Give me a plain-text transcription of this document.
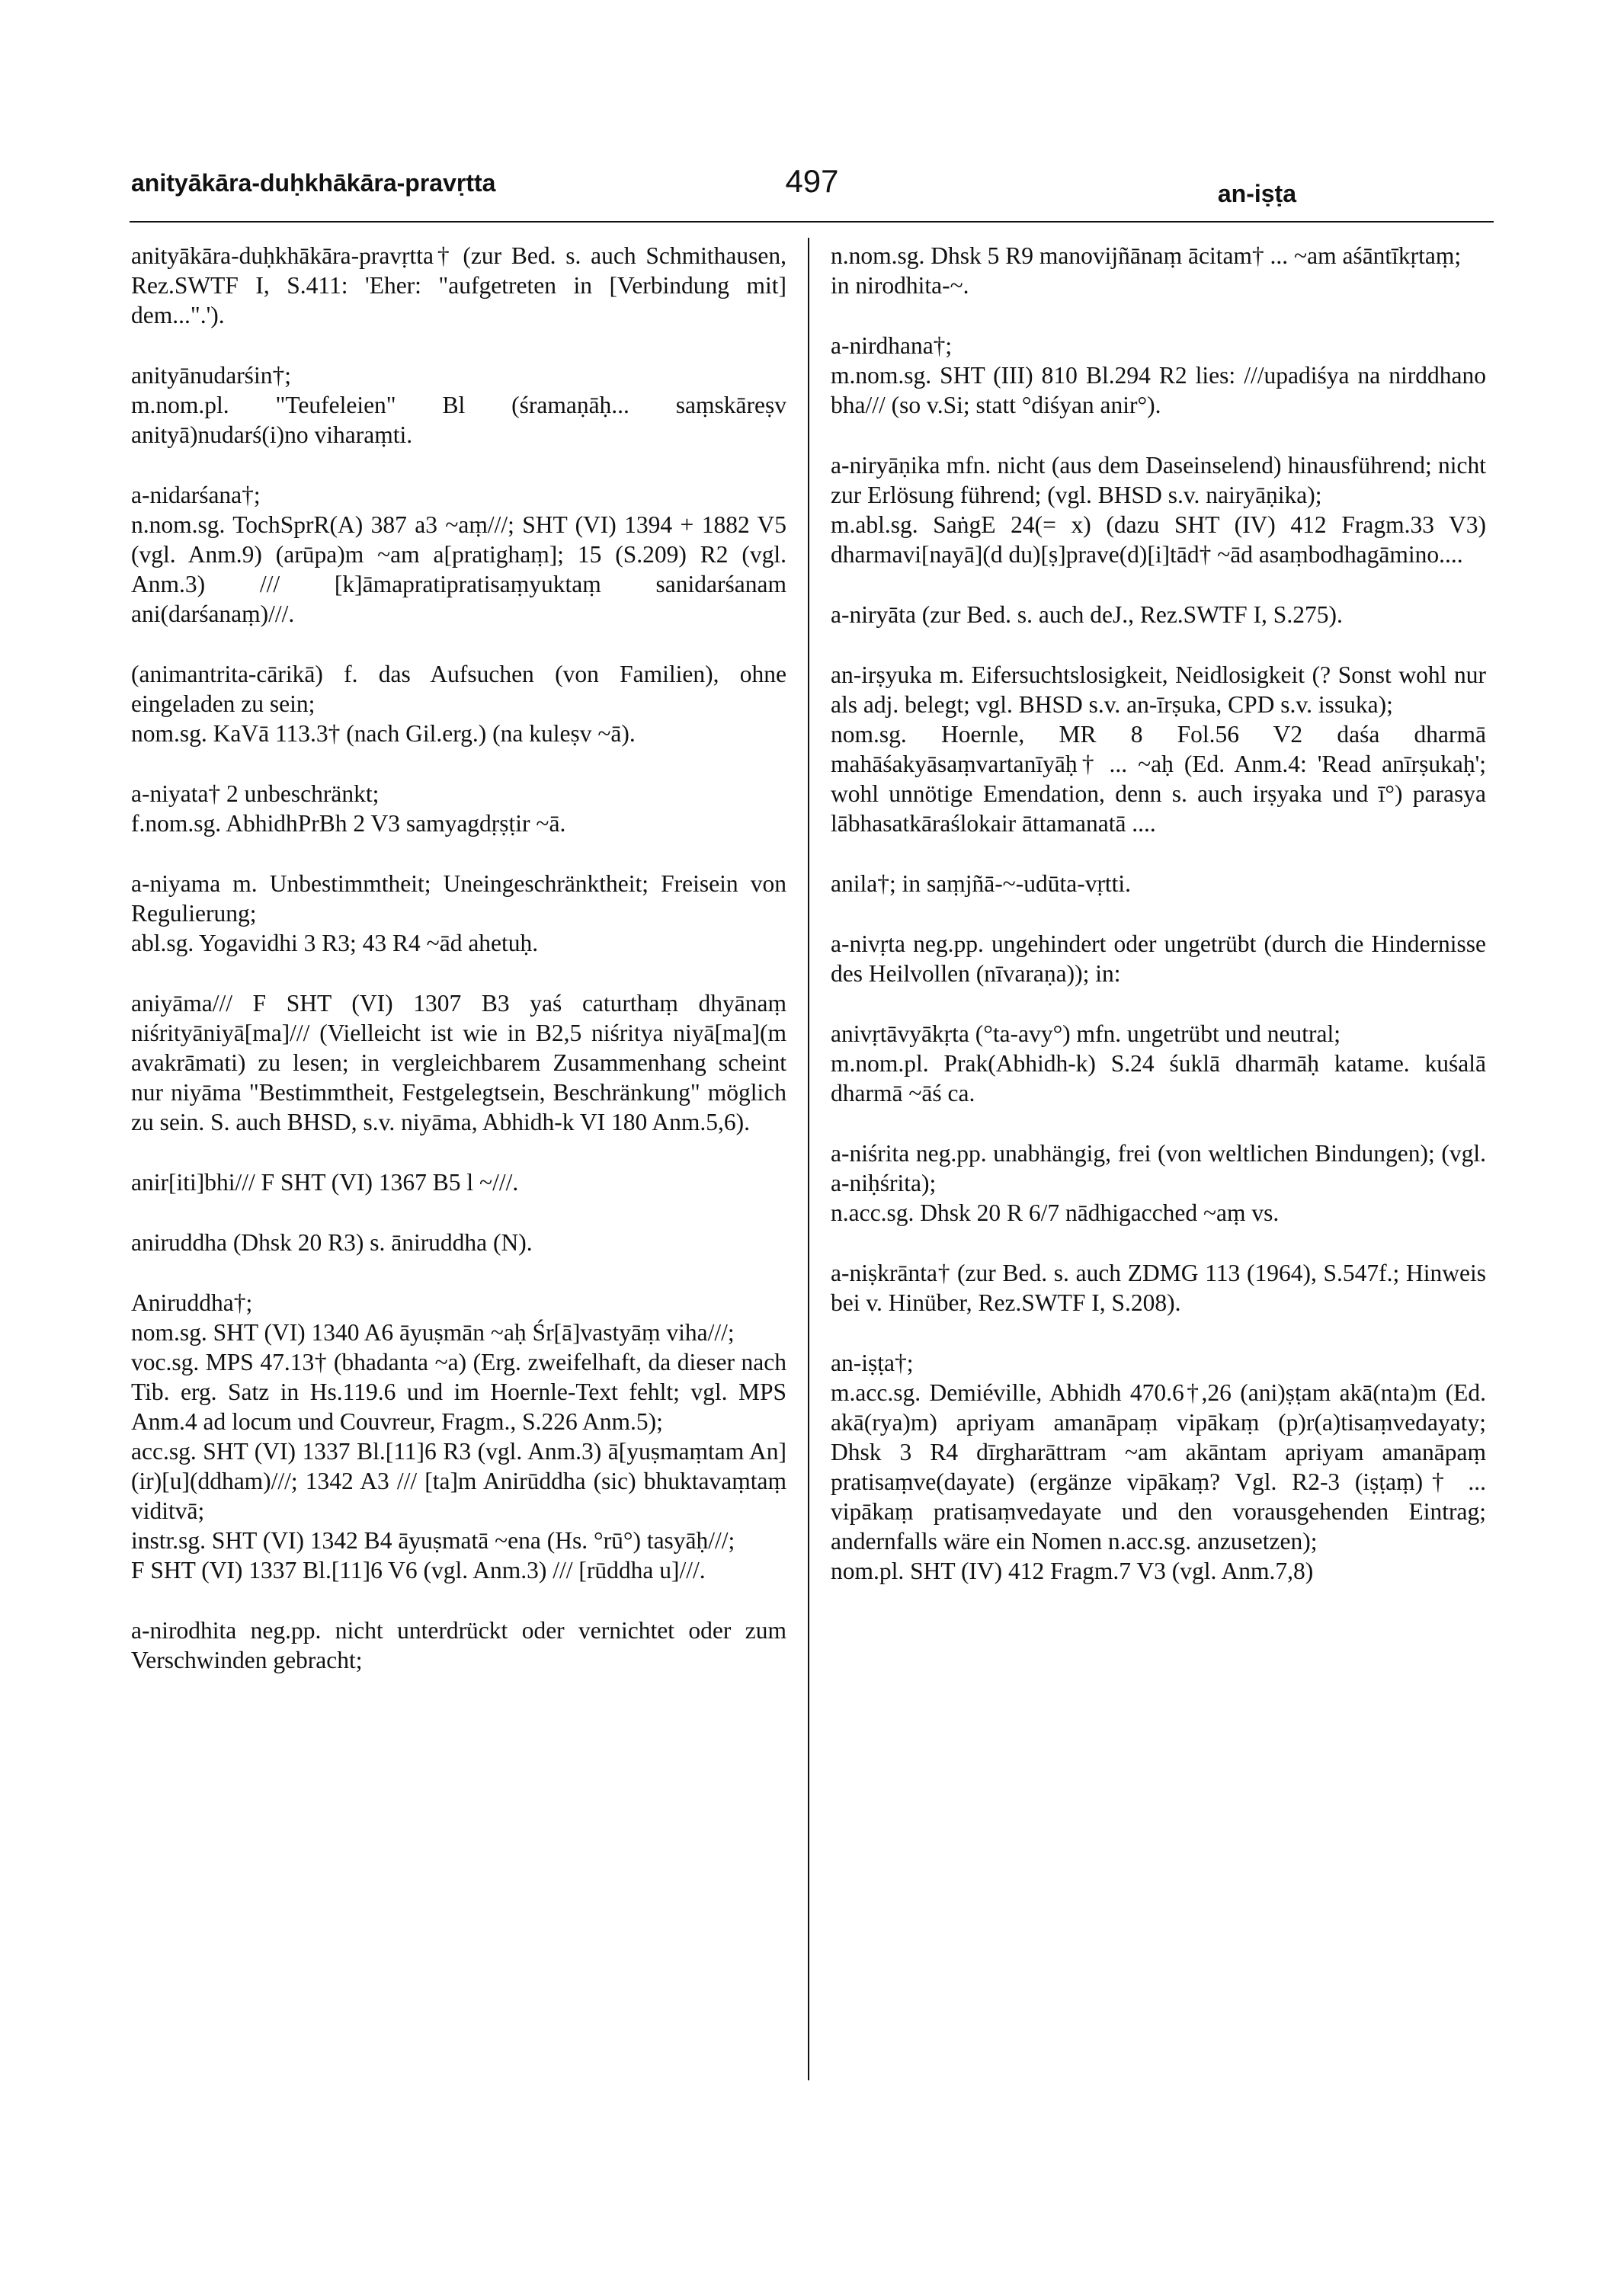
anityākāra-duḥkhākāra-pravṛtta	497	an-iṣṭa

anityākāra-duḥkhākāra-pravṛtta† (zur Bed. s. auch Schmithausen, Rez.SWTF I, S.411: 'Eher: "aufgetreten in [Verbindung mit] dem...".').

anityānudarśin†;

m.nom.pl. "Teufeleien" Bl (śramaṇāḥ... saṃskāreṣv anityā)nudarś(i)no viharaṃti.

a-nidarśana†;

n.nom.sg. TochSprR(A) 387 a3 ~aṃ///; SHT (VI) 1394 + 1882 V5 (vgl. Anm.9) (arūpa)m ~am a[pratighaṃ]; 15 (S.209) R2 (vgl. Anm.3) /// [k]āmapratipratisaṃyuktaṃ sanidarśanam ani(darśanaṃ)///.

(animantrita-cārikā) f. das Aufsuchen (von Familien), ohne eingeladen zu sein;

nom.sg. KaVā 113.3† (nach Gil.erg.) (na kuleṣv ~ā).

a-niyata† 2 unbeschränkt;

f.nom.sg. AbhidhPrBh 2 V3 samyagdṛṣṭir ~ā.

a-niyama m. Unbestimmtheit; Uneingeschränktheit; Freisein von Regulierung;

abl.sg. Yogavidhi 3 R3; 43 R4 ~ād ahetuḥ.

aniyāma/// F SHT (VI) 1307 B3 yaś caturthaṃ dhyānaṃ niśrityāniyā[ma]/// (Vielleicht ist wie in B2,5 niśritya niyā[ma](m avakrāmati) zu lesen; in vergleichbarem Zusammenhang scheint nur niyāma "Bestimmtheit, Festgelegtsein, Beschränkung" möglich zu sein. S. auch BHSD, s.v. niyāma, Abhidh-k VI 180 Anm.5,6).

anir[iti]bhi/// F SHT (VI) 1367 B5 l ~///.

aniruddha (Dhsk 20 R3) s. āniruddha (N).

Aniruddha†;

nom.sg. SHT (VI) 1340 A6 āyuṣmān ~aḥ Śr[ā]vastyāṃ viha///;

voc.sg. MPS 47.13† (bhadanta ~a) (Erg. zweifelhaft, da dieser nach Tib. erg. Satz in Hs.119.6 und im Hoernle-Text fehlt; vgl. MPS Anm.4 ad locum und Couvreur, Fragm., S.226 Anm.5);

acc.sg. SHT (VI) 1337 Bl.[11]6 R3 (vgl. Anm.3) ā[yuṣmaṃtam An](ir)[u](ddham)///; 1342 A3 /// [ta]m Anirūddha (sic) bhuktavaṃtaṃ viditvā;

instr.sg. SHT (VI) 1342 B4 āyuṣmatā ~ena (Hs. °rū°) tasyāḥ///;

F SHT (VI) 1337 Bl.[11]6 V6 (vgl. Anm.3) /// [rūddha u]///.

a-nirodhita neg.pp. nicht unterdrückt oder vernichtet oder zum Verschwinden gebracht;

n.nom.sg. Dhsk 5 R9 manovijñānaṃ ācitam† ... ~am aśāntīkṛtaṃ;

in nirodhita-~.

a-nirdhana†;

m.nom.sg. SHT (III) 810 Bl.294 R2 lies: ///upadiśya na nirddhano bha/// (so v.Si; statt °diśyan anir°).

a-niryāṇika mfn. nicht (aus dem Daseinselend) hinausführend; nicht zur Erlösung führend; (vgl. BHSD s.v. nairyāṇika);

m.abl.sg. SaṅgE 24(= x) (dazu SHT (IV) 412 Fragm.33 V3) dharmavi[nayā](d du)[ṣ]prave(d)[i]tād† ~ād asaṃbodhagāmino....

a-niryāta (zur Bed. s. auch deJ., Rez.SWTF I, S.275).

an-irṣyuka m. Eifersuchtslosigkeit, Neidlosigkeit (? Sonst wohl nur als adj. belegt; vgl. BHSD s.v. an-īrṣuka, CPD s.v. issuka);

nom.sg. Hoernle, MR 8 Fol.56 V2 daśa dharmā mahāśakyāsaṃvartanīyāḥ† ... ~aḥ (Ed. Anm.4: 'Read anīrṣukaḥ'; wohl unnötige Emendation, denn s. auch irṣyaka und ī°) parasya lābhasatkāraślokair āttamanatā ....

anila†; in saṃjñā-~-udūta-vṛtti.

a-nivṛta neg.pp. ungehindert oder ungetrübt (durch die Hindernisse des Heilvollen (nīvaraṇa)); in:

anivṛtāvyākṛta (°ta-avy°) mfn. ungetrübt und neutral;

m.nom.pl. Prak(Abhidh-k) S.24 śuklā dharmāḥ katame. kuśalā dharmā ~āś ca.

a-niśrita neg.pp. unabhängig, frei (von weltlichen Bindungen); (vgl. a-niḥśrita);

n.acc.sg. Dhsk 20 R 6/7 nādhigacched ~aṃ vs.

a-niṣkrānta† (zur Bed. s. auch ZDMG 113 (1964), S.547f.; Hinweis bei v. Hinüber, Rez.SWTF I, S.208).

an-iṣṭa†;

m.acc.sg. Demiéville, Abhidh 470.6†,26 (ani)ṣṭam akā(nta)m (Ed. akā(rya)m) apriyam amanāpaṃ vipākaṃ (p)r(a)tisaṃvedayaty; Dhsk 3 R4 dīrgharāttram ~am akāntam apriyam amanāpaṃ pratisaṃve(dayate) (ergänze vipākaṃ? Vgl. R2-3 (iṣṭaṃ)† ... vipākaṃ pratisaṃvedayate und den vorausgehenden Eintrag; andernfalls wäre ein Nomen n.acc.sg. anzusetzen);

nom.pl. SHT (IV) 412 Fragm.7 V3 (vgl. Anm.7,8)
